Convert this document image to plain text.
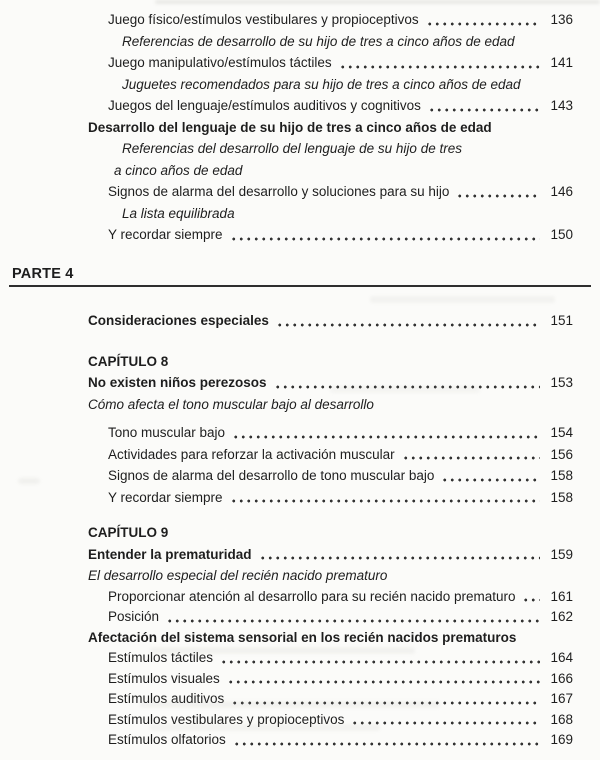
Juego físico/estímulos vestibulares y propioceptivos	136
Referencias de desarrollo de su hijo de tres a cinco años de edad
Juego manipulativo/estímulos táctiles	141
Juguetes recomendados para su hijo de tres a cinco años de edad
Juegos del lenguaje/estímulos auditivos y cognitivos	143
Desarrollo del lenguaje de su hijo de tres a cinco años de edad
Referencias del desarrollo del lenguaje de su hijo de tres
a cinco años de edad
Signos de alarma del desarrollo y soluciones para su hijo	146
La lista equilibrada
Y recordar siempre	150
PARTE 4
Consideraciones especiales	151
CAPÍTULO 8
No existen niños perezosos	153
Cómo afecta el tono muscular bajo al desarrollo
Tono muscular bajo	154
Actividades para reforzar la activación muscular	156
Signos de alarma del desarrollo de tono muscular bajo	158
Y recordar siempre	158
CAPÍTULO 9
Entender la prematuridad	159
El desarrollo especial del recién nacido prematuro
Proporcionar atención al desarrollo para su recién nacido prematuro	161
Posición	162
Afectación del sistema sensorial en los recién nacidos prematuros
Estímulos táctiles	164
Estímulos visuales	166
Estímulos auditivos	167
Estímulos vestibulares y propioceptivos	168
Estímulos olfatorios	169
